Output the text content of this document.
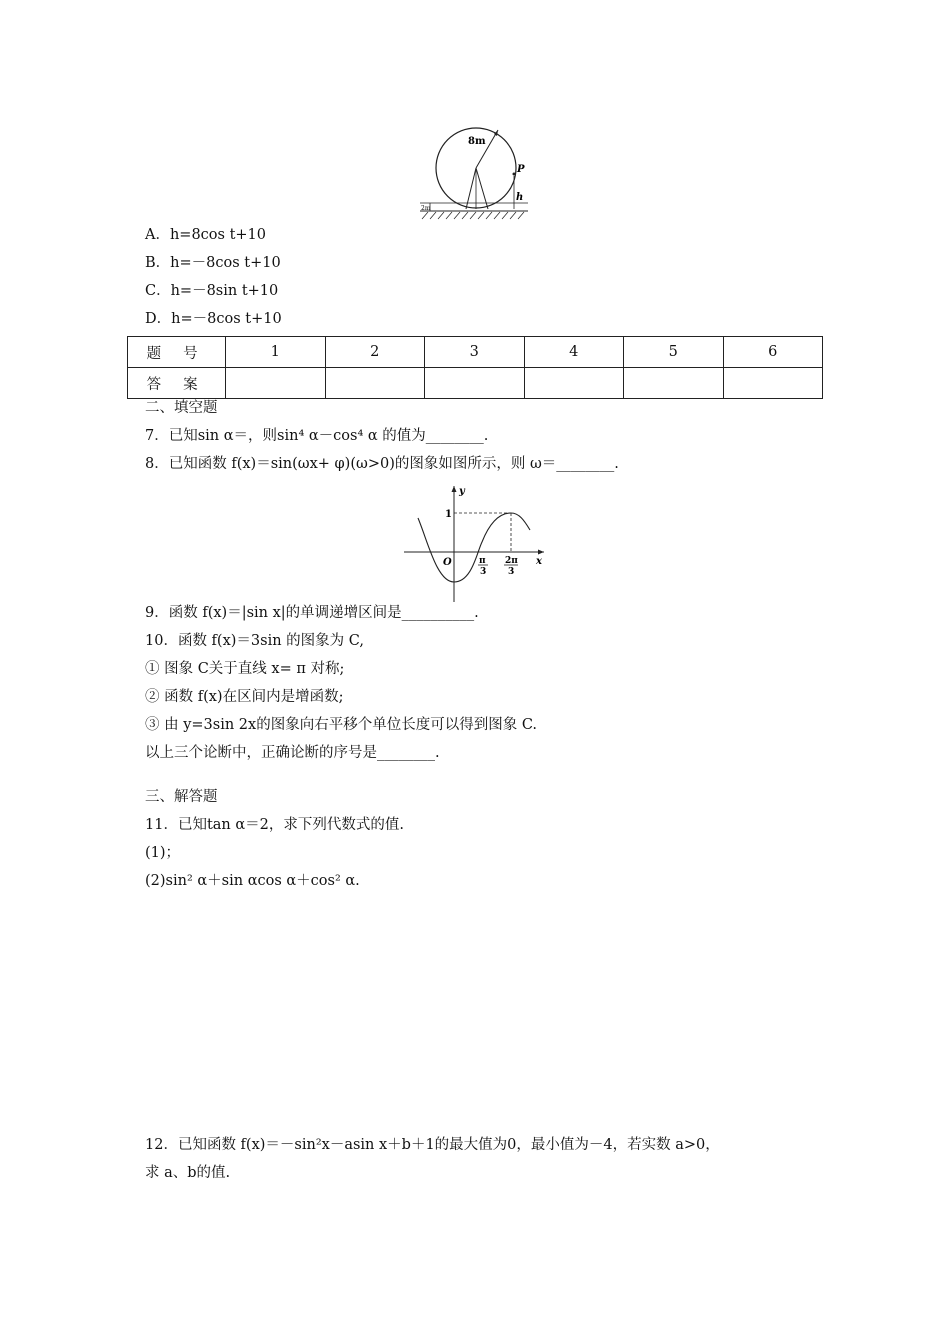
8m
P
h
2m
A．h=8cos t+10
B．h=－8cos t+10
C．h=－8sin t+10
D．h=－8cos t+10
题 号	1	2	3	4	5	6
答 案						
二、填空题
7．已知sin α＝，则sin⁴ α－cos⁴ α 的值为________.
8．已知函数 f(x)＝sin(ωx+ φ)(ω>0)的图象如图所示，则 ω＝________.
y
x
O
1
π
3
2π
3
9．函数 f(x)＝|sin x|的单调递增区间是__________.
10．函数 f(x)＝3sin 的图象为 C,
① 图象 C关于直线 x= π 对称;
② 函数 f(x)在区间内是增函数;
③ 由 y=3sin 2x的图象向右平移个单位长度可以得到图象 C.
以上三个论断中，正确论断的序号是________.
三、解答题
11．已知tan α＝2，求下列代数式的值.
(1)；
(2)sin² α＋sin αcos α＋cos² α.
12．已知函数 f(x)＝－sin²x－asin x＋b＋1的最大值为0，最小值为－4，若实数 a>0，
求 a、b的值.
